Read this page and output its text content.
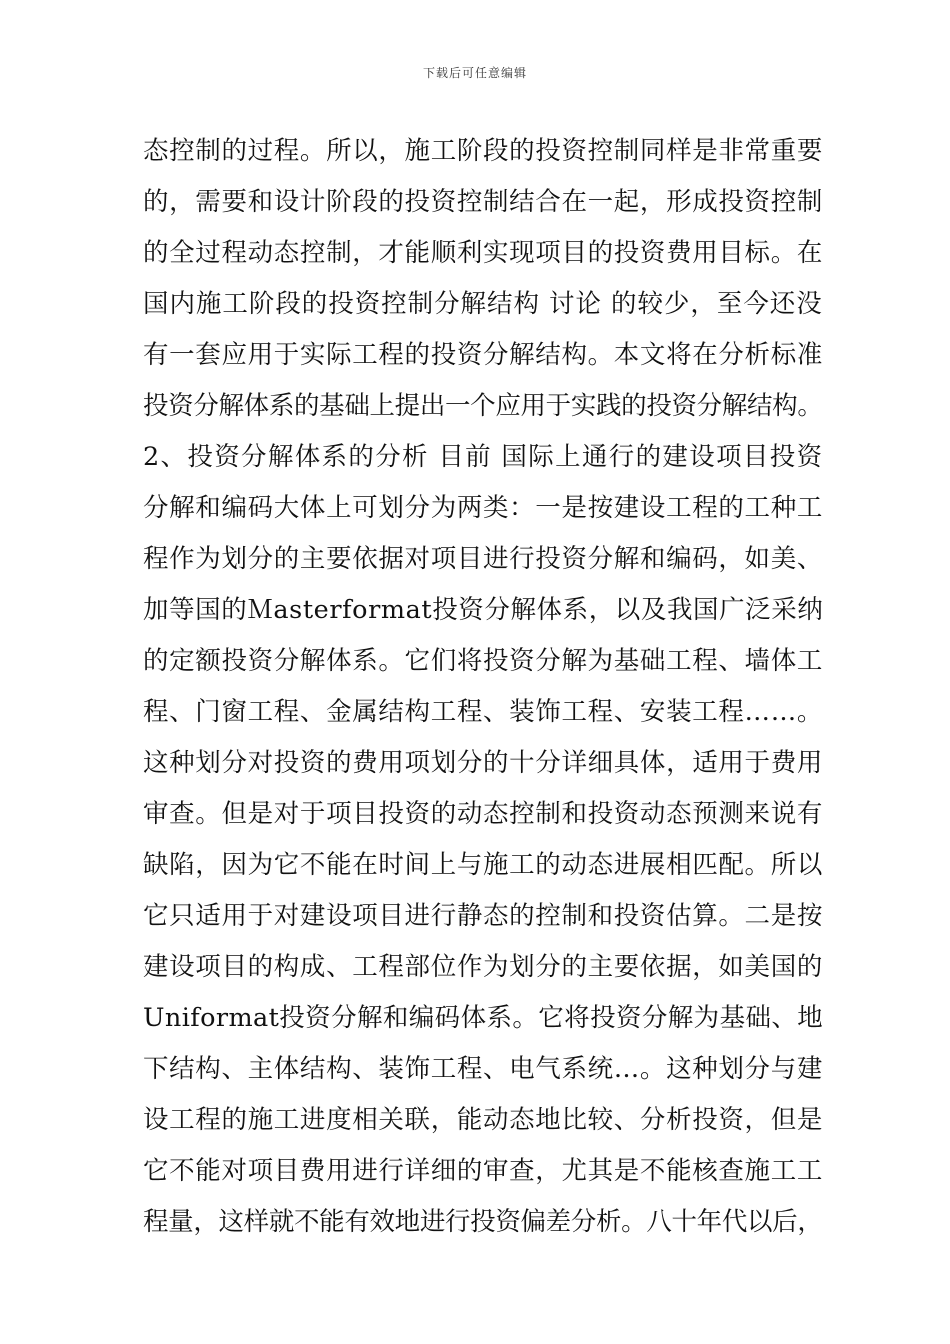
下载后可任意编辑
态控制的过程。所以，施工阶段的投资控制同样是非常重要
的，需要和设计阶段的投资控制结合在一起，形成投资控制
的全过程动态控制，才能顺利实现项目的投资费用目标。在
国内施工阶段的投资控制分解结构 讨论 的较少，至今还没
有一套应用于实际工程的投资分解结构。本文将在分析标准
投资分解体系的基础上提出一个应用于实践的投资分解结构。
2、投资分解体系的分析 目前 国际上通行的建设项目投资
分解和编码大体上可划分为两类：一是按建设工程的工种工
程作为划分的主要依据对项目进行投资分解和编码，如美、
加等国的Ｍasterformat投资分解体系，以及我国广泛采纳
的定额投资分解体系。它们将投资分解为基础工程、墙体工
程、门窗工程、金属结构工程、装饰工程、安装工程……。
这种划分对投资的费用项划分的十分详细具体，适用于费用
审查。但是对于项目投资的动态控制和投资动态预测来说有
缺陷，因为它不能在时间上与施工的动态进展相匹配。所以
它只适用于对建设项目进行静态的控制和投资估算。二是按
建设项目的构成、工程部位作为划分的主要依据，如美国的
Uniformat投资分解和编码体系。它将投资分解为基础、地
下结构、主体结构、装饰工程、电气系统…。这种划分与建
设工程的施工进度相关联，能动态地比较、分析投资，但是
它不能对项目费用进行详细的审查，尤其是不能核查施工工
程量，这样就不能有效地进行投资偏差分析。八十年代以后，
